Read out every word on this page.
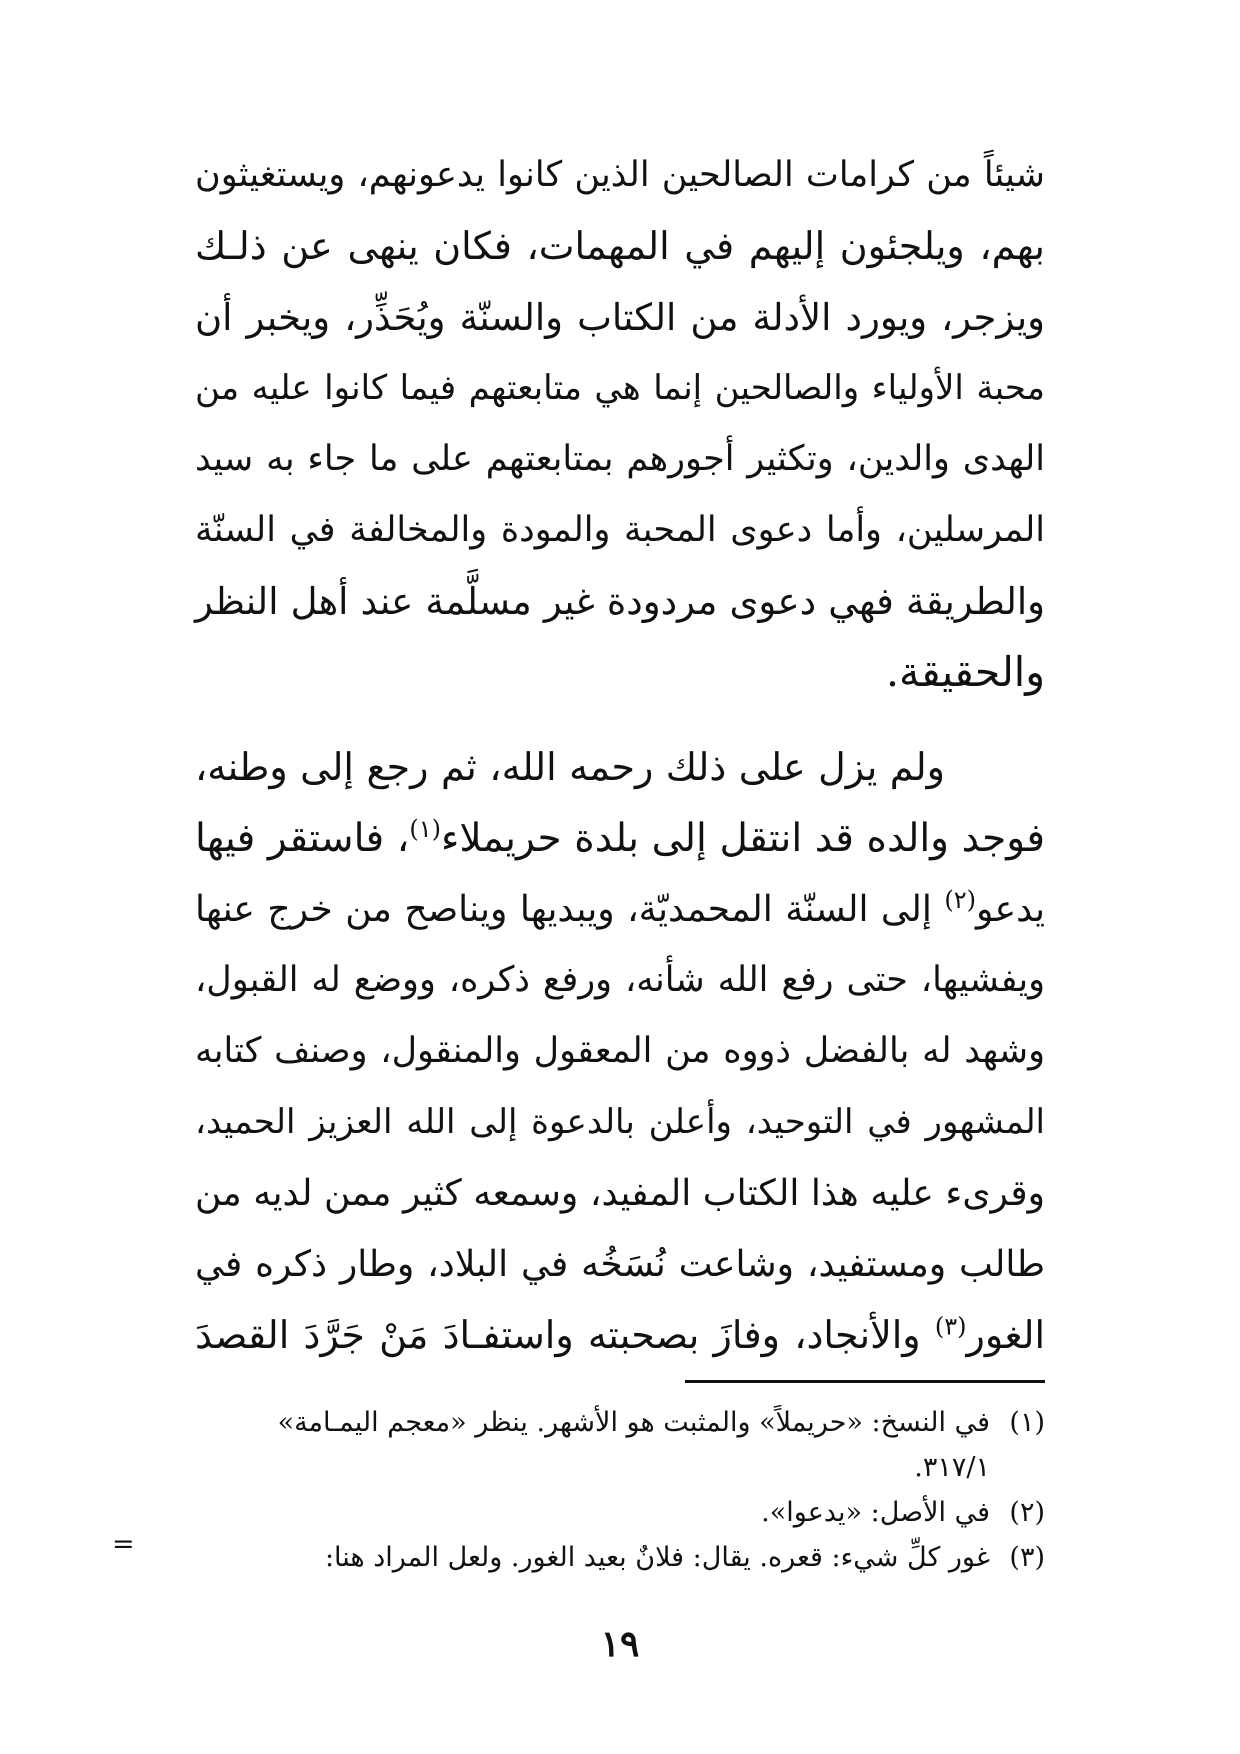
شيئاً من كرامات الصالحين الذين كانوا يدعونهم، ويستغيثون
بهم، ويلجئون إليهم في المهمات، فكان ينهى عن ذلـك
ويزجر، ويورد الأدلة من الكتاب والسنّة ويُحَذِّر، ويخبر أن
محبة الأولياء والصالحين إنما هي متابعتهم فيما كانوا عليه من
الهدى والدين، وتكثير أجورهم بمتابعتهم على ما جاء به سيد
المرسلين، وأما دعوى المحبة والمودة والمخالفة في السنّة
والطريقة فهي دعوى مردودة غير مسلَّمة عند أهل النظر
والحقيقة.
ولم يزل على ذلك رحمه الله، ثم رجع إلى وطنه،
فوجد والده قد انتقل إلى بلدة حريملاء$^{(١)}$، فاستقر فيها
يدعو$^{(٢)}$ إلى السنّة المحمديّة، ويبديها ويناصح من خرج عنها
ويفشيها، حتى رفع الله شأنه، ورفع ذكره، ووضع له القبول،
وشهد له بالفضل ذووه من المعقول والمنقول، وصنف كتابه
المشهور في التوحيد، وأعلن بالدعوة إلى الله العزيز الحميد،
وقرىء عليه هذا الكتاب المفيد، وسمعه كثير ممن لديه من
طالب ومستفيد، وشاعت نُسَخُه في البلاد، وطار ذكره في
الغور$^{(٣)}$ والأنجاد، وفازَ بصحبته واستفـادَ مَنْ جَرَّدَ القصدَ
(١)
في النسخ: «حريملاً» والمثبت هو الأشهر. ينظر «معجم اليمـامة»
٣١٧/١.
(٢)
في الأصل: «يدعوا».
(٣)
غور كلِّ شيء: قعره. يقال: فلانٌ بعيد الغور. ولعل المراد هنا:
=
١٩
